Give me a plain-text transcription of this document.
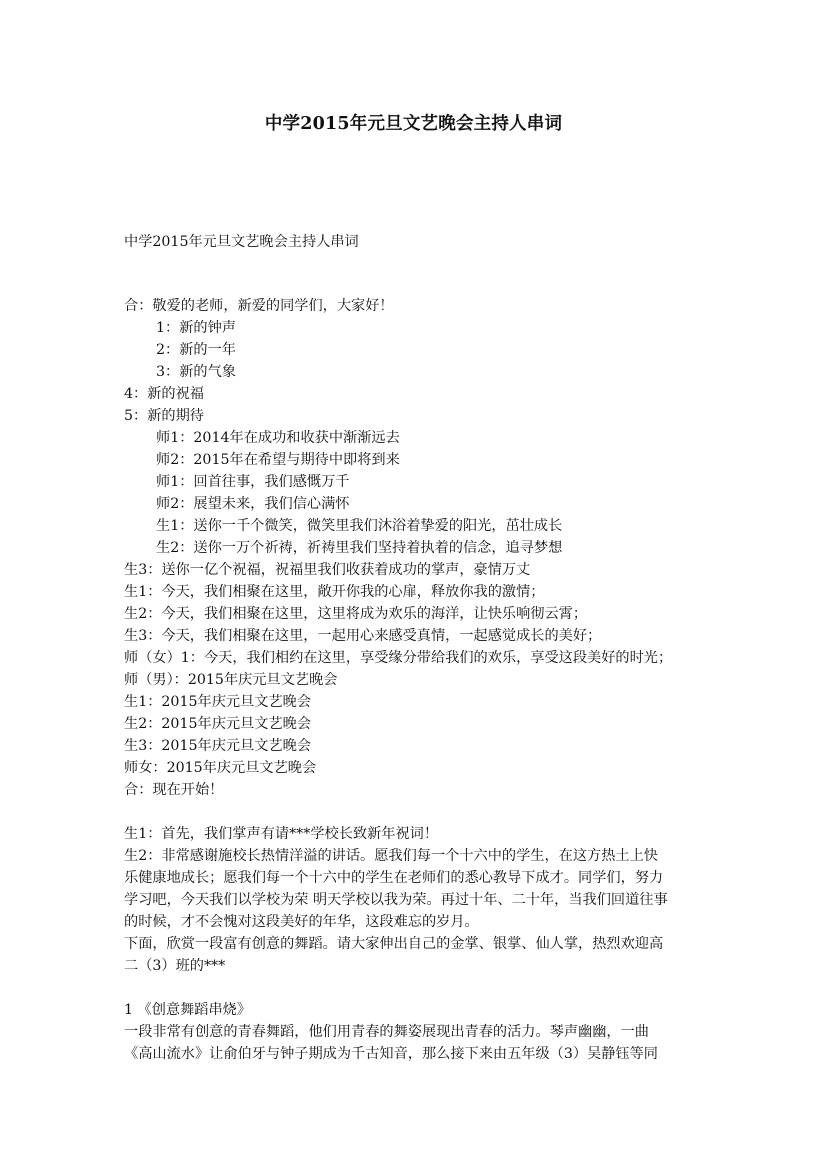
中学2015年元旦文艺晚会主持人串词
中学2015年元旦文艺晚会主持人串词
合：敬爱的老师，新爱的同学们，大家好！
1：新的钟声
2：新的一年
3：新的气象
4：新的祝福
5：新的期待
师1：2014年在成功和收获中渐渐远去
师2：2015年在希望与期待中即将到来
师1：回首往事，我们感慨万千
师2：展望未来，我们信心满怀
生1：送你一千个微笑，微笑里我们沐浴着挚爱的阳光，茁壮成长
生2：送你一万个祈祷，祈祷里我们坚持着执着的信念，追寻梦想
生3：送你一亿个祝福，祝福里我们收获着成功的掌声，豪情万丈
生1：今天，我们相聚在这里，敞开你我的心扉，释放你我的激情；
生2：今天，我们相聚在这里，这里将成为欢乐的海洋，让快乐响彻云霄；
生3：今天，我们相聚在这里，一起用心来感受真情，一起感觉成长的美好；
师（女）1：今天，我们相约在这里，享受缘分带给我们的欢乐，享受这段美好的时光；
师（男）：2015年庆元旦文艺晚会
生1：2015年庆元旦文艺晚会
生2：2015年庆元旦文艺晚会
生3：2015年庆元旦文艺晚会
师女：2015年庆元旦文艺晚会
合：现在开始！
生1：首先，我们掌声有请***学校长致新年祝词！
生2：非常感谢施校长热情洋溢的讲话。愿我们每一个十六中的学生，在这方热土上快
乐健康地成长；愿我们每一个十六中的学生在老师们的悉心教导下成才。同学们，努力
学习吧，今天我们以学校为荣 明天学校以我为荣。再过十年、二十年，当我们回道往事
的时候，才不会愧对这段美好的年华，这段难忘的岁月。
下面，欣赏一段富有创意的舞蹈。请大家伸出自己的金掌、银掌、仙人掌，热烈欢迎高
二（3）班的***
1 《创意舞蹈串烧》
一段非常有创意的青春舞蹈，他们用青春的舞姿展现出青春的活力。琴声幽幽，一曲
《高山流水》让俞伯牙与钟子期成为千古知音，那么接下来由五年级（3）吴静钰等同
